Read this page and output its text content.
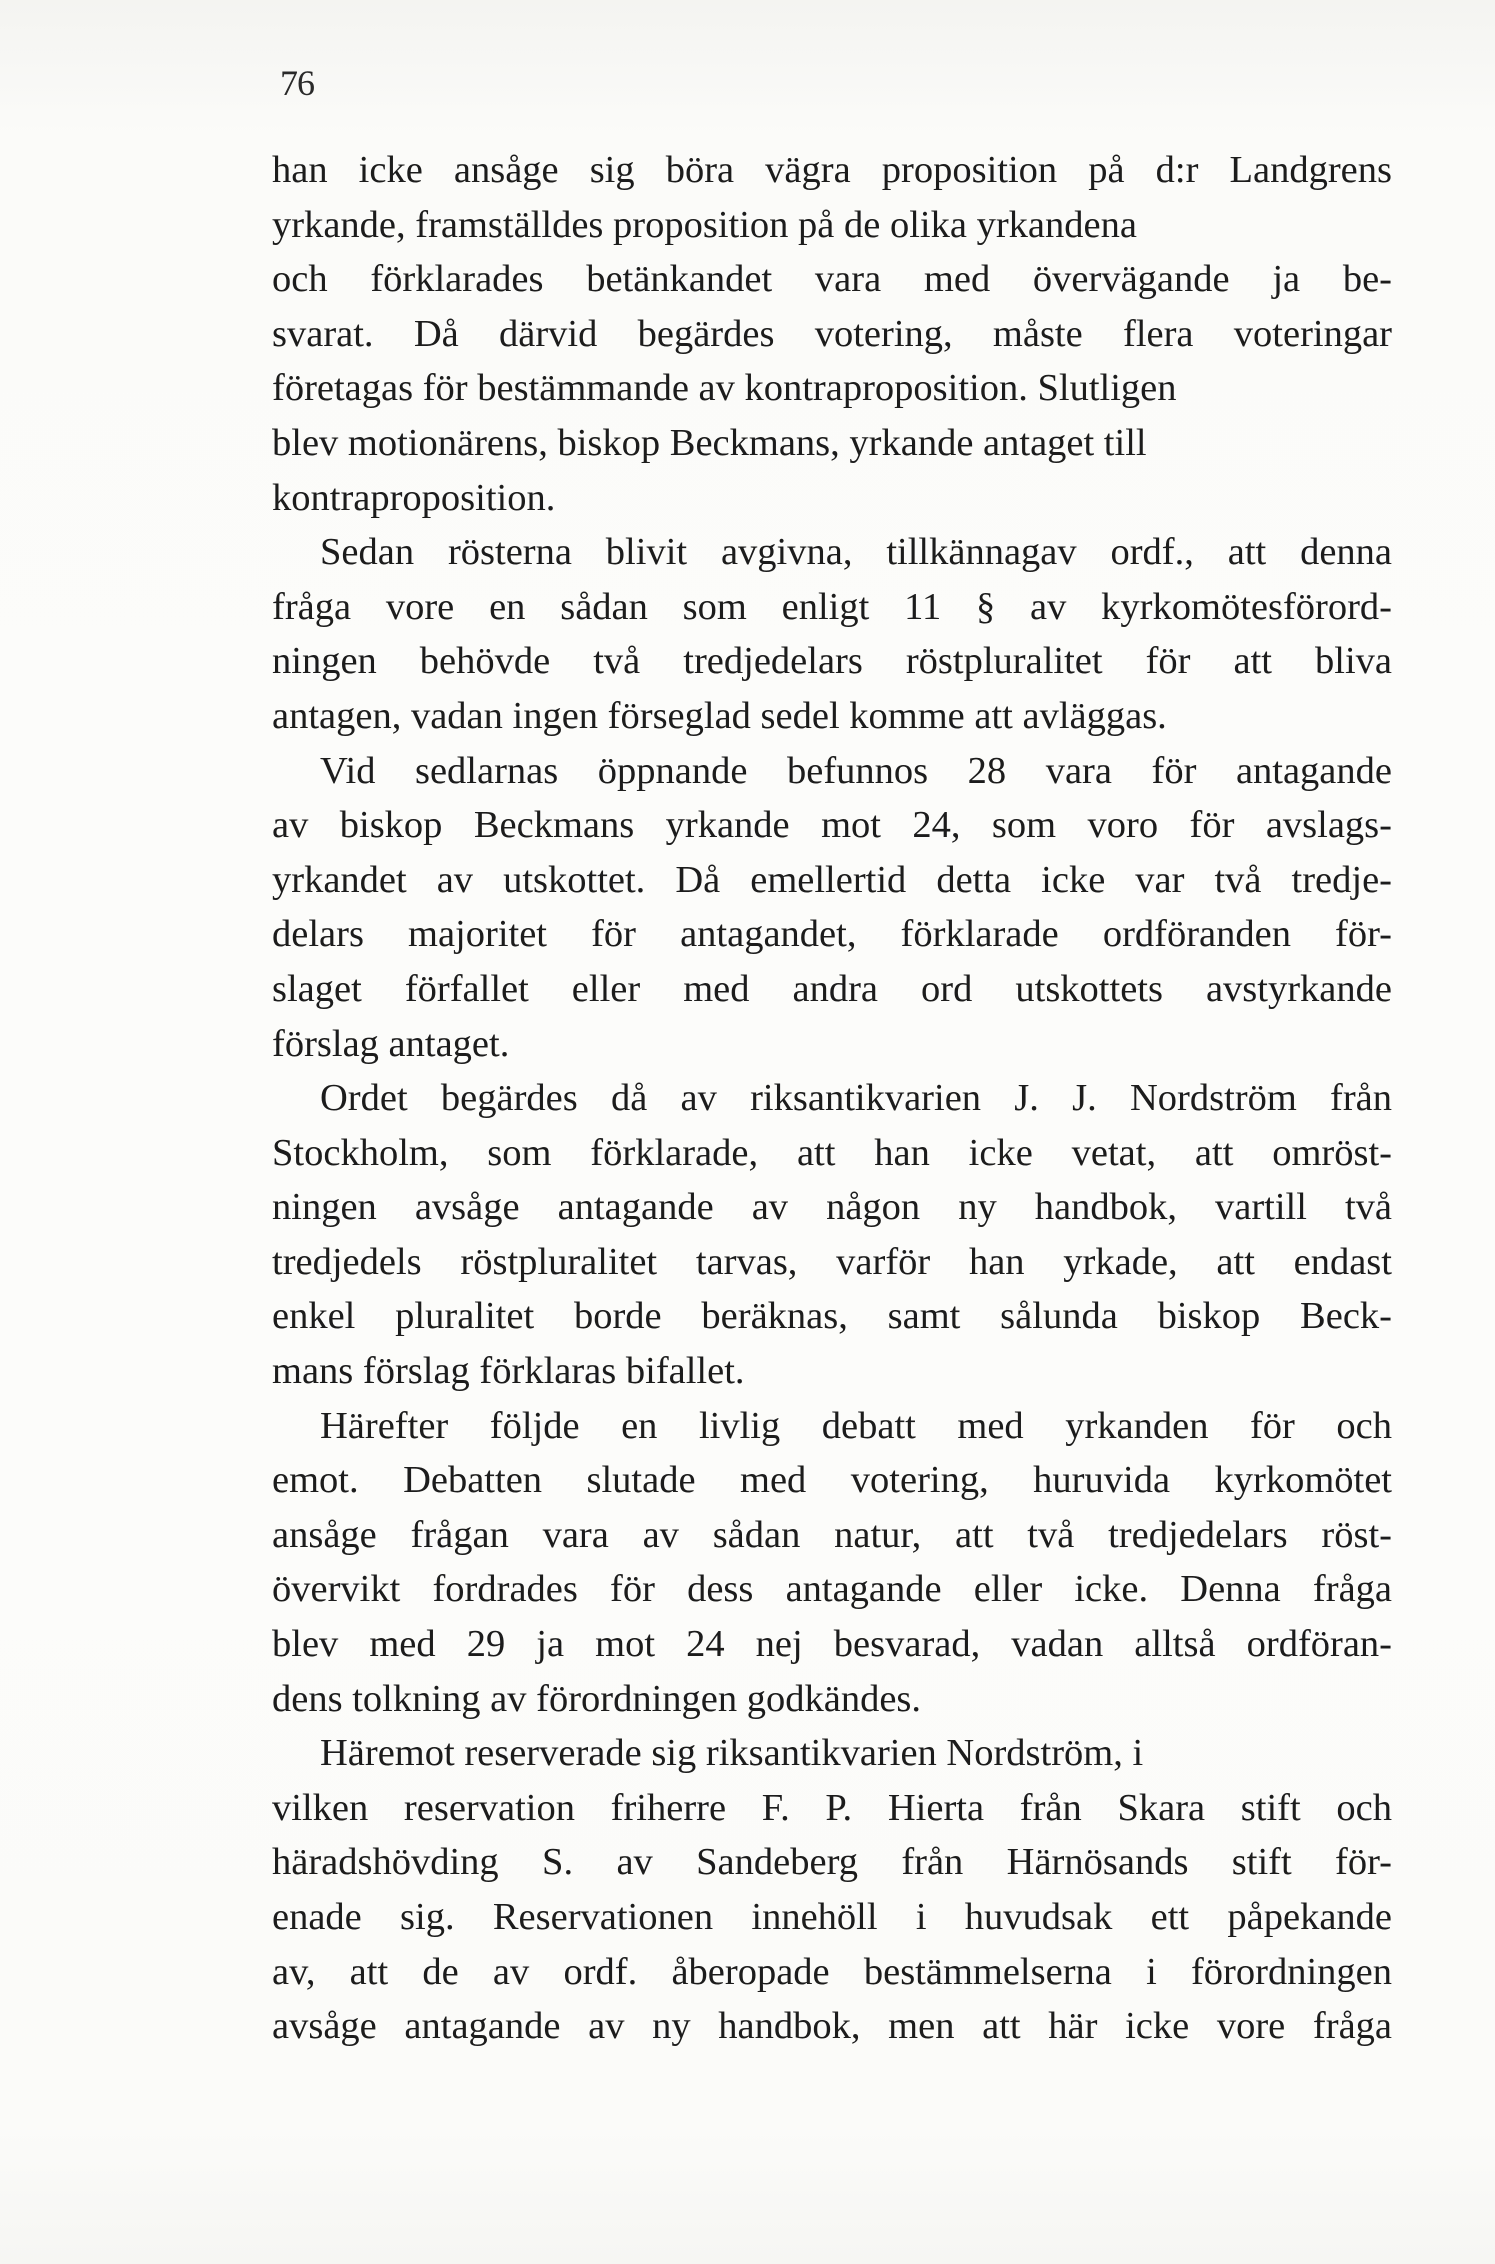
76
han icke ansåge sig böra vägra proposition på d:r Landgrens
yrkande, framställdes proposition på de olika yrkandena
och förklarades betänkandet vara med övervägande ja be-
svarat. Då därvid begärdes votering, måste flera voteringar
företagas för bestämmande av kontraproposition. Slutligen
blev motionärens, biskop Beckmans, yrkande antaget till
kontraproposition.
Sedan rösterna blivit avgivna, tillkännagav ordf., att denna
fråga vore en sådan som enligt 11 § av kyrkomötesförord-
ningen behövde två tredjedelars röstpluralitet för att bliva
antagen, vadan ingen förseglad sedel komme att avläggas.
Vid sedlarnas öppnande befunnos 28 vara för antagande
av biskop Beckmans yrkande mot 24, som voro för avslags-
yrkandet av utskottet. Då emellertid detta icke var två tredje-
delars majoritet för antagandet, förklarade ordföranden för-
slaget förfallet eller med andra ord utskottets avstyrkande
förslag antaget.
Ordet begärdes då av riksantikvarien J. J. Nordström från
Stockholm, som förklarade, att han icke vetat, att omröst-
ningen avsåge antagande av någon ny handbok, vartill två
tredjedels röstpluralitet tarvas, varför han yrkade, att endast
enkel pluralitet borde beräknas, samt sålunda biskop Beck-
mans förslag förklaras bifallet.
Härefter följde en livlig debatt med yrkanden för och
emot. Debatten slutade med votering, huruvida kyrkomötet
ansåge frågan vara av sådan natur, att två tredjedelars röst-
övervikt fordrades för dess antagande eller icke. Denna fråga
blev med 29 ja mot 24 nej besvarad, vadan alltså ordföran-
dens tolkning av förordningen godkändes.
Häremot reserverade sig riksantikvarien Nordström, i
vilken reservation friherre F. P. Hierta från Skara stift och
häradshövding S. av Sandeberg från Härnösands stift för-
enade sig. Reservationen innehöll i huvudsak ett påpekande
av, att de av ordf. åberopade bestämmelserna i förordningen
avsåge antagande av ny handbok, men att här icke vore fråga
